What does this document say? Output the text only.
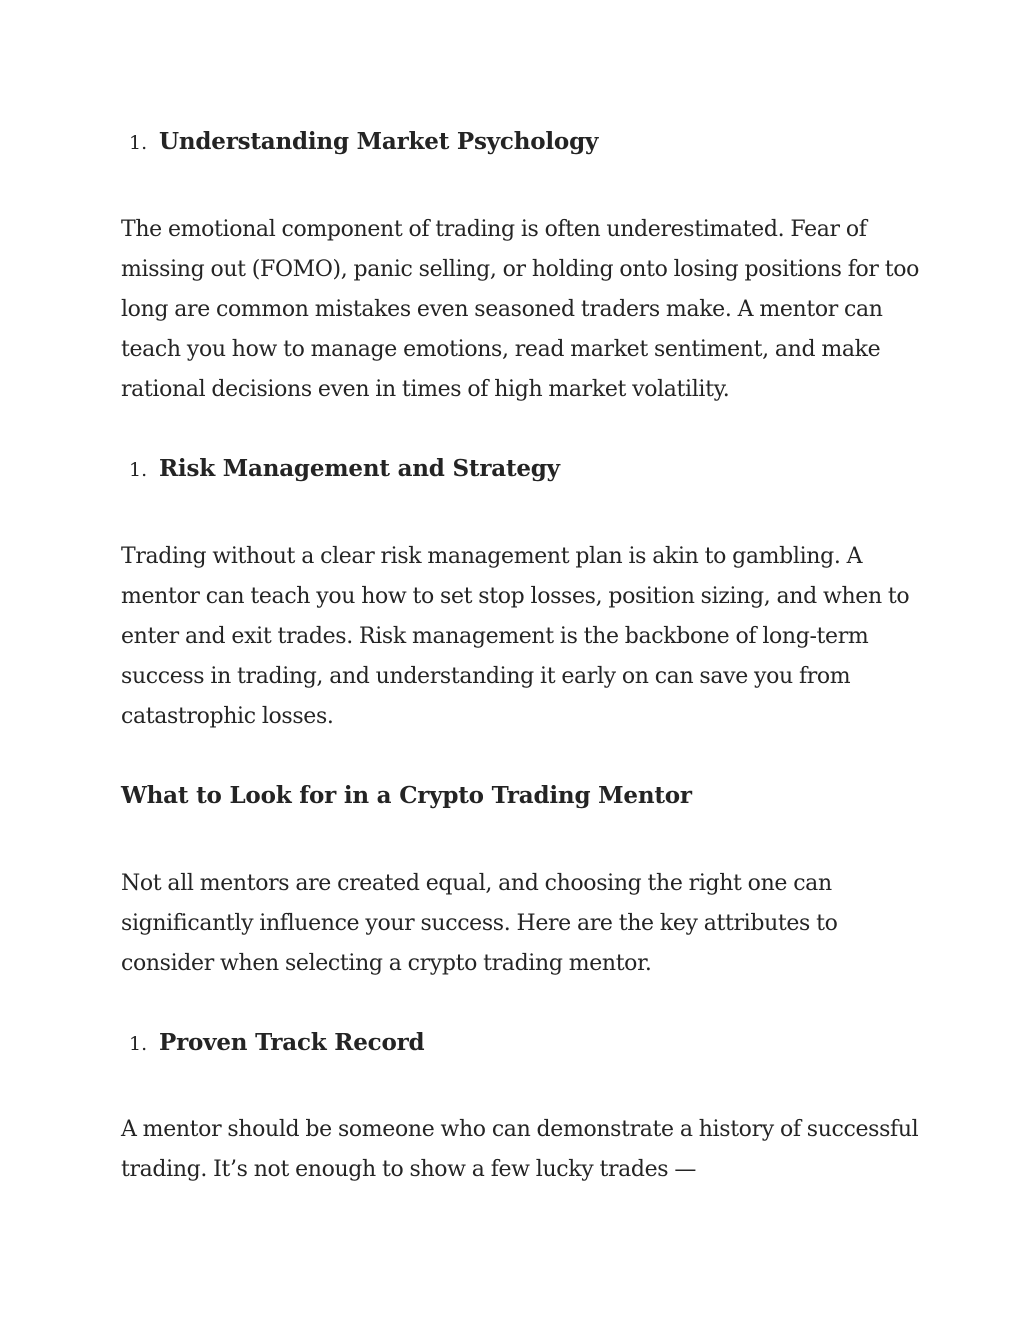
1. Understanding Market Psychology

The emotional component of trading is often underestimated. Fear of missing out (FOMO), panic selling, or holding onto losing positions for too long are common mistakes even seasoned traders make. A mentor can teach you how to manage emotions, read market sentiment, and make rational decisions even in times of high market volatility.

1. Risk Management and Strategy

Trading without a clear risk management plan is akin to gambling. A mentor can teach you how to set stop losses, position sizing, and when to enter and exit trades. Risk management is the backbone of long-term success in trading, and understanding it early on can save you from catastrophic losses.

What to Look for in a Crypto Trading Mentor

Not all mentors are created equal, and choosing the right one can significantly influence your success. Here are the key attributes to consider when selecting a crypto trading mentor.

1. Proven Track Record

A mentor should be someone who can demonstrate a history of successful trading. It’s not enough to show a few lucky trades —
